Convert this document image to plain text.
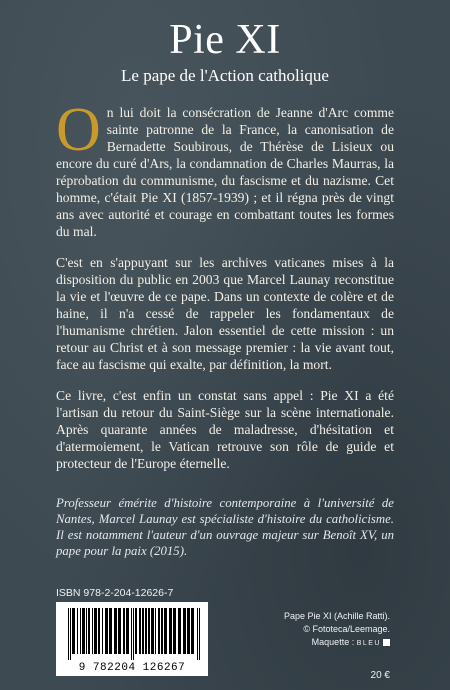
Pie XI
Le pape de l'Action catholique

On lui doit la consécration de Jeanne d'Arc comme sainte patronne de la France, la canonisation de Bernadette Soubirous, de Thérèse de Lisieux ou encore du curé d'Ars, la condamnation de Charles Maurras, la réprobation du communisme, du fascisme et du nazisme. Cet homme, c'était Pie XI (1857-1939) ; et il régna près de vingt ans avec autorité et courage en combattant toutes les formes du mal.

C'est en s'appuyant sur les archives vaticanes mises à la disposition du public en 2003 que Marcel Launay reconstitue la vie et l'œuvre de ce pape. Dans un contexte de colère et de haine, il n'a cessé de rappeler les fondamentaux de l'humanisme chrétien. Jalon essentiel de cette mission : un retour au Christ et à son message premier : la vie avant tout, face au fascisme qui exalte, par définition, la mort.

Ce livre, c'est enfin un constat sans appel : Pie XI a été l'artisan du retour du Saint-Siège sur la scène internationale. Après quarante années de maladresse, d'hésitation et d'atermoiement, le Vatican retrouve son rôle de guide et protecteur de l'Europe éternelle.

Professeur émérite d'histoire contemporaine à l'université de Nantes, Marcel Launay est spécialiste d'histoire du catholicisme. Il est notamment l'auteur d'un ouvrage majeur sur Benoît XV, un pape pour la paix (2015).
ISBN 978-2-204-12626-7
9 782204 126267
Pape Pie XI (Achille Ratti).
© Fototeca/Leemage.
Maquette : BLEU
20 €
